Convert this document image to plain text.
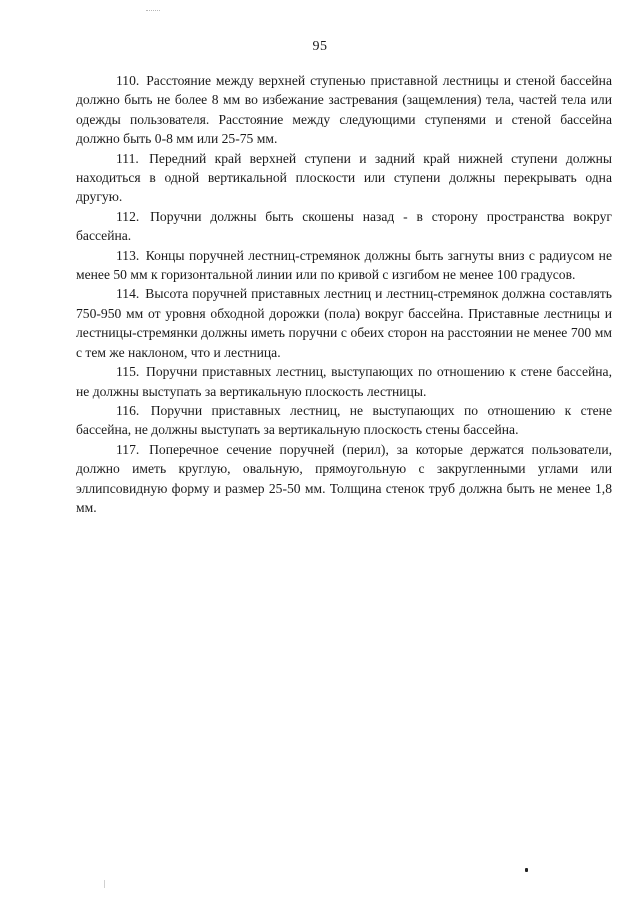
95

110. Расстояние между верхней ступенью приставной лестницы и стеной бассейна должно быть не более 8 мм во избежание застревания (защемления) тела, частей тела или одежды пользователя. Расстояние между следующими ступенями и стеной бассейна должно быть 0-8 мм или 25-75 мм.

111. Передний край верхней ступени и задний край нижней ступени должны находиться в одной вертикальной плоскости или ступени должны перекрывать одна другую.

112. Поручни должны быть скошены назад - в сторону пространства вокруг бассейна.

113. Концы поручней лестниц-стремянок должны быть загнуты вниз с радиусом не менее 50 мм к горизонтальной линии или по кривой с изгибом не менее 100 градусов.

114. Высота поручней приставных лестниц и лестниц-стремянок должна составлять 750-950 мм от уровня обходной дорожки (пола) вокруг бассейна. Приставные лестницы и лестницы-стремянки должны иметь поручни с обеих сторон на расстоянии не менее 700 мм с тем же наклоном, что и лестница.

115. Поручни приставных лестниц, выступающих по отношению к стене бассейна, не должны выступать за вертикальную плоскость лестницы.

116. Поручни приставных лестниц, не выступающих по отношению к стене бассейна, не должны выступать за вертикальную плоскость стены бассейна.

117. Поперечное сечение поручней (перил), за которые держатся пользователи, должно иметь круглую, овальную, прямоугольную с закругленными углами или эллипсовидную форму и размер 25-50 мм. Толщина стенок труб должна быть не менее 1,8 мм.
